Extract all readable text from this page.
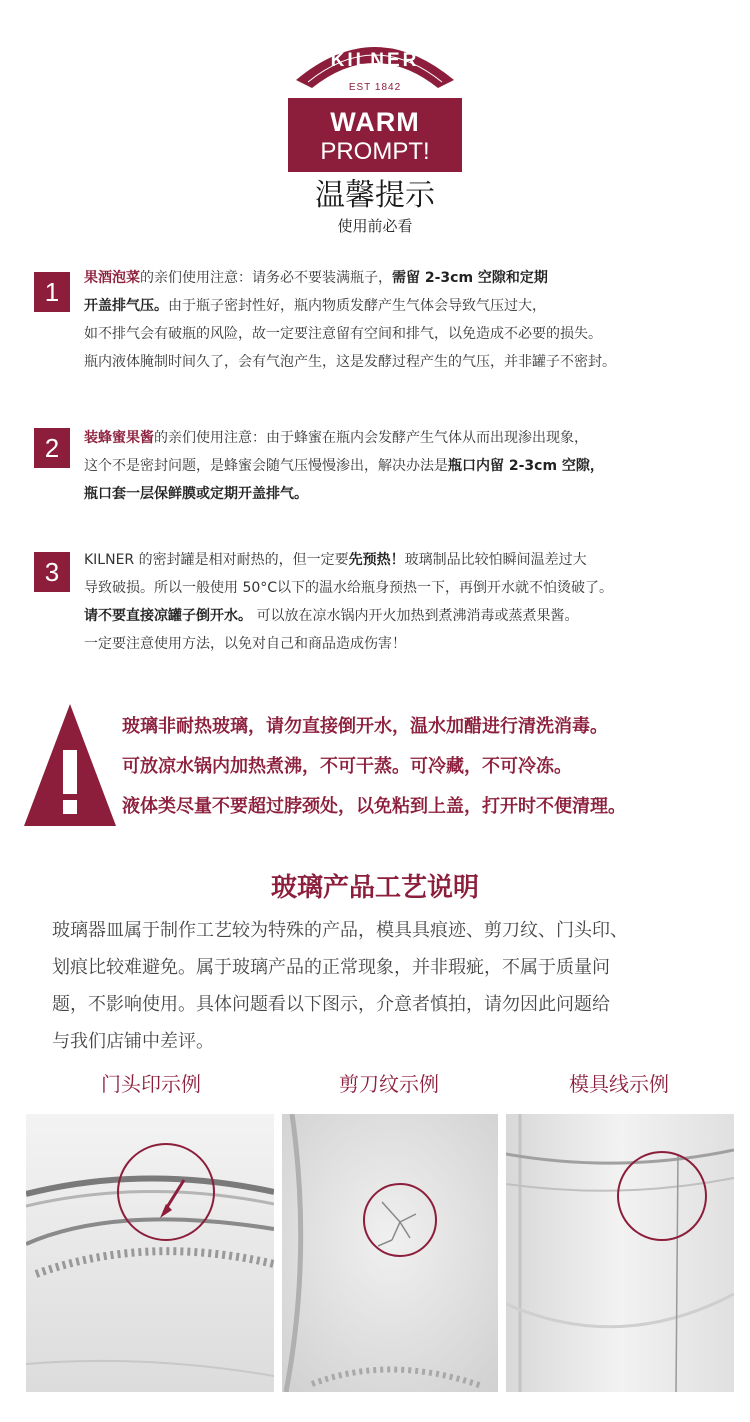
KILNER
EST 1842
WARM
PROMPT!
温馨提示
使用前必看
1	果酒泡菜的亲们使用注意：请务必不要装满瓶子，需留 2-3cm 空隙和定期
开盖排气压。由于瓶子密封性好，瓶内物质发酵产生气体会导致气压过大，
如不排气会有破瓶的风险，故一定要注意留有空间和排气，以免造成不必要的损失。
瓶内液体腌制时间久了，会有气泡产生，这是发酵过程产生的气压，并非罐子不密封。
2	装蜂蜜果酱的亲们使用注意：由于蜂蜜在瓶内会发酵产生气体从而出现渗出现象，
这个不是密封问题，是蜂蜜会随气压慢慢渗出，解决办法是瓶口内留 2-3cm 空隙，
瓶口套一层保鲜膜或定期开盖排气。
3	KILNER 的密封罐是相对耐热的，但一定要先预热！玻璃制品比较怕瞬间温差过大
导致破损。所以一般使用 50°C以下的温水给瓶身预热一下，再倒开水就不怕烫破了。
请不要直接凉罐子倒开水。 可以放在凉水锅内开火加热到煮沸消毒或蒸煮果酱。
一定要注意使用方法，以免对自己和商品造成伤害！
玻璃非耐热玻璃，请勿直接倒开水，温水加醋进行清洗消毒。
可放凉水锅内加热煮沸，不可干蒸。可冷藏，不可冷冻。
液体类尽量不要超过脖颈处，以免粘到上盖，打开时不便清理。
玻璃产品工艺说明
玻璃器皿属于制作工艺较为特殊的产品，模具具痕迹、剪刀纹、门头印、
划痕比较难避免。属于玻璃产品的正常现象，并非瑕疵，不属于质量问
题，不影响使用。具体问题看以下图示，介意者慎拍，请勿因此问题给
与我们店铺中差评。
门头印示例	剪刀纹示例	模具线示例
